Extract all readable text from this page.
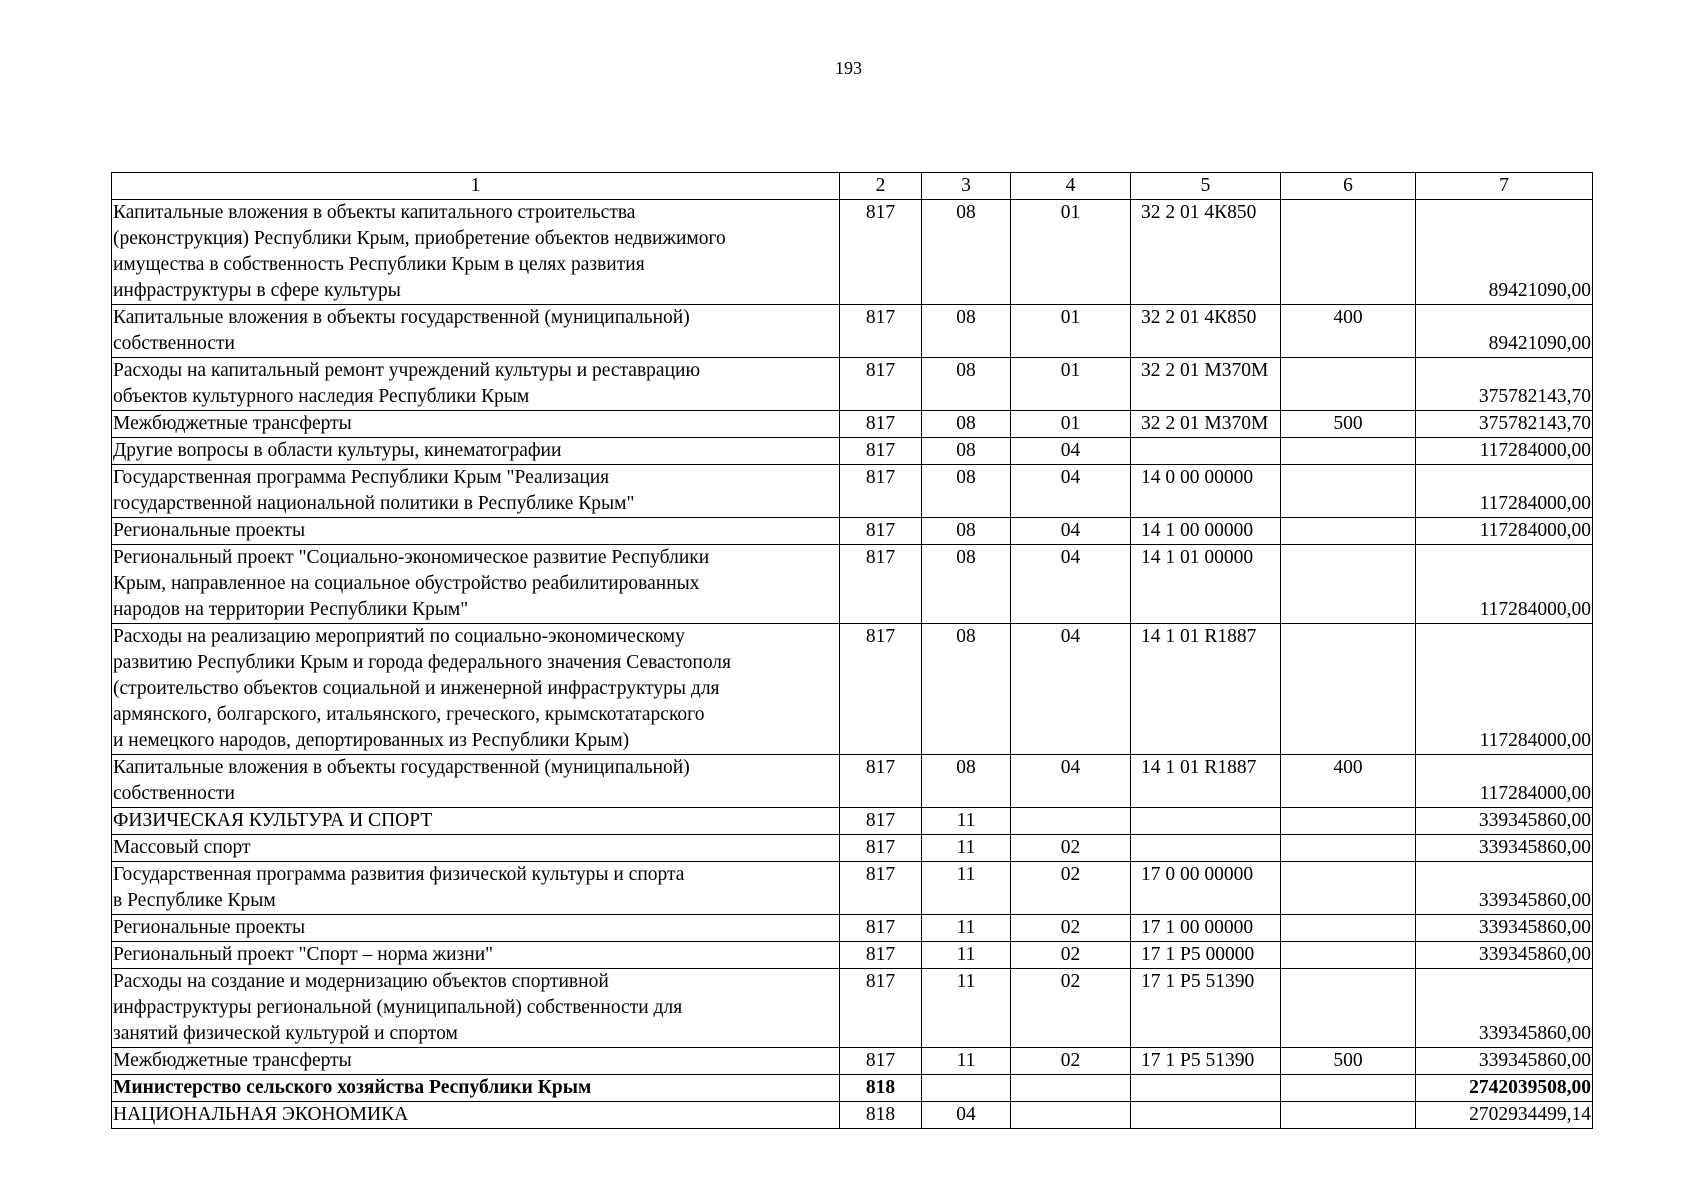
193
1	2	3	4	5	6	7

Капитальные вложения в объекты капитального строительства
(реконструкция) Республики Крым, приобретение объектов недвижимого
имущества в собственность Республики Крым в целях развития
инфраструктуры в сфере культуры	817	08	01	32 2 01 4К850		89421090,00

Капитальные вложения в объекты государственной (муниципальной)
собственности	817	08	01	32 2 01 4К850	400	89421090,00

Расходы на капитальный ремонт учреждений культуры и реставрацию
объектов культурного наследия Республики Крым	817	08	01	32 2 01 М370М		375782143,70

Межбюджетные трансферты	817	08	01	32 2 01 М370М	500	375782143,70

Другие вопросы в области культуры, кинематографии	817	08	04			117284000,00

Государственная программа Республики Крым "Реализация
государственной национальной политики в Республике Крым"	817	08	04	14 0 00 00000		117284000,00

Региональные проекты	817	08	04	14 1 00 00000		117284000,00

Региональный проект "Социально-экономическое развитие Республики
Крым, направленное на социальное обустройство реабилитированных
народов на территории Республики Крым"	817	08	04	14 1 01 00000		117284000,00

Расходы на реализацию мероприятий по социально-экономическому
развитию Республики Крым и города федерального значения Севастополя
(строительство объектов социальной и инженерной инфраструктуры для
армянского, болгарского, итальянского, греческого, крымскотатарского
и немецкого народов, депортированных из Республики Крым)	817	08	04	14 1 01 R1887		117284000,00

Капитальные вложения в объекты государственной (муниципальной)
собственности	817	08	04	14 1 01 R1887	400	117284000,00

ФИЗИЧЕСКАЯ КУЛЬТУРА И СПОРТ	817	11				339345860,00

Массовый спорт	817	11	02			339345860,00

Государственная программа развития физической культуры и спорта
в Республике Крым	817	11	02	17 0 00 00000		339345860,00

Региональные проекты	817	11	02	17 1 00 00000		339345860,00

Региональный проект "Спорт – норма жизни"	817	11	02	17 1 Р5 00000		339345860,00

Расходы на создание и модернизацию объектов спортивной
инфраструктуры региональной (муниципальной) собственности для
занятий физической культурой и спортом	817	11	02	17 1 Р5 51390		339345860,00

Межбюджетные трансферты	817	11	02	17 1 Р5 51390	500	339345860,00

Министерство сельского хозяйства Республики Крым	818					2742039508,00

НАЦИОНАЛЬНАЯ ЭКОНОМИКА	818	04				2702934499,14
